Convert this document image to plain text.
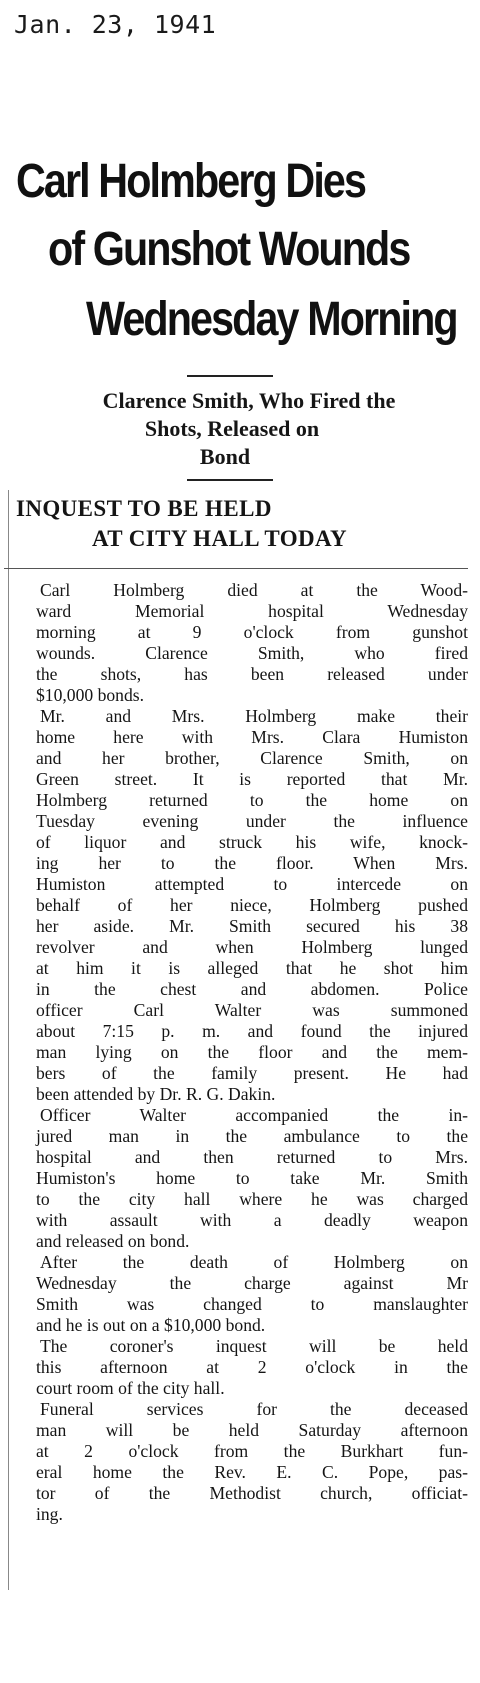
Jan. 23, 1941
Carl Holmberg Dies
of Gunshot Wounds
Wednesday Morning
Clarence Smith, Who Fired the
Shots, Released on
Bond
INQUEST TO BE HELD
AT CITY HALL TODAY
Carl Holmberg died at the Wood-
ward Memorial hospital Wednesday
morning at 9 o'clock from gunshot
wounds. Clarence Smith, who fired
the shots, has been released under
$10,000 bonds.
Mr. and Mrs. Holmberg make their
home here with Mrs. Clara Humiston
and her brother, Clarence Smith, on
Green street. It is reported that Mr.
Holmberg returned to the home on
Tuesday evening under the influence
of liquor and struck his wife, knock-
ing her to the floor. When Mrs.
Humiston attempted to intercede on
behalf of her niece, Holmberg pushed
her aside. Mr. Smith secured his 38
revolver and when Holmberg lunged
at him it is alleged that he shot him
in the chest and abdomen. Police
officer Carl Walter was summoned
about 7:15 p. m. and found the injured
man lying on the floor and the mem-
bers of the family present. He had
been attended by Dr. R. G. Dakin.
Officer Walter accompanied the in-
jured man in the ambulance to the
hospital and then returned to Mrs.
Humiston's home to take Mr. Smith
to the city hall where he was charged
with assault with a deadly weapon
and released on bond.
After the death of Holmberg on
Wednesday the charge against Mr
Smith was changed to manslaughter
and he is out on a $10,000 bond.
The coroner's inquest will be held
this afternoon at 2 o'clock in the
court room of the city hall.
Funeral services for the deceased
man will be held Saturday afternoon
at 2 o'clock from the Burkhart fun-
eral home the Rev. E. C. Pope, pas-
tor of the Methodist church, officiat-
ing.
